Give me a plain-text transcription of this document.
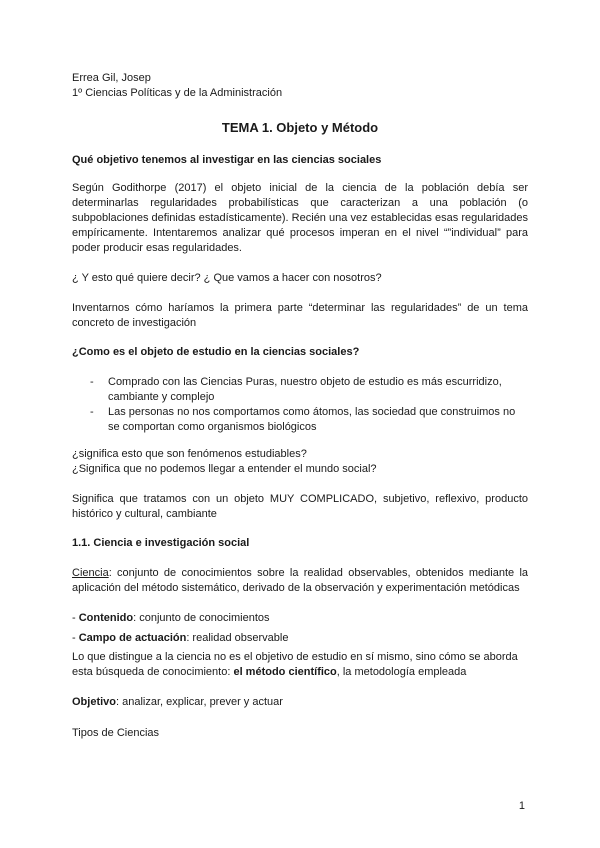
Errea Gil, Josep

1º Ciencias Políticas y de la Administración

TEMA 1. Objeto y Método

Qué objetivo tenemos al investigar en las ciencias sociales

Según Godithorpe (2017) el objeto inicial de la ciencia de la población debía ser determinarlas regularidades probabilísticas que caracterizan a una población (o subpoblaciones definidas estadísticamente). Recién una vez establecidas esas regularidades empíricamente. Intentaremos analizar qué procesos imperan en el nivel “”individual” para poder producir esas regularidades.

¿ Y esto qué quiere decir? ¿ Que vamos a hacer con nosotros?

Inventarnos cómo haríamos la primera parte “determinar las regularidades” de un tema concreto de investigación

¿Como es el objeto de estudio en la ciencias sociales?

- Comprado con las Ciencias Puras, nuestro objeto de estudio es más escurridizo, cambiante y complejo
- Las personas no nos comportamos como átomos, las sociedad que construimos no se comportan como organismos biológicos

¿significa esto que son fenómenos estudiables?

¿Significa que no podemos llegar a entender el mundo social?

Significa que tratamos con un objeto MUY COMPLICADO, subjetivo, reflexivo, producto histórico y cultural, cambiante

1.1. Ciencia e investigación social

Ciencia: conjunto de conocimientos sobre la realidad observables, obtenidos mediante la aplicación del método sistemático, derivado de la observación y experimentación metódicas

- Contenido: conjunto de conocimientos

- Campo de actuación: realidad observable

Lo que distingue a la ciencia no es el objetivo de estudio en sí mismo, sino cómo se aborda esta búsqueda de conocimiento: el método científico, la metodología empleada

Objetivo: analizar, explicar, prever y actuar

Tipos de Ciencias

1
